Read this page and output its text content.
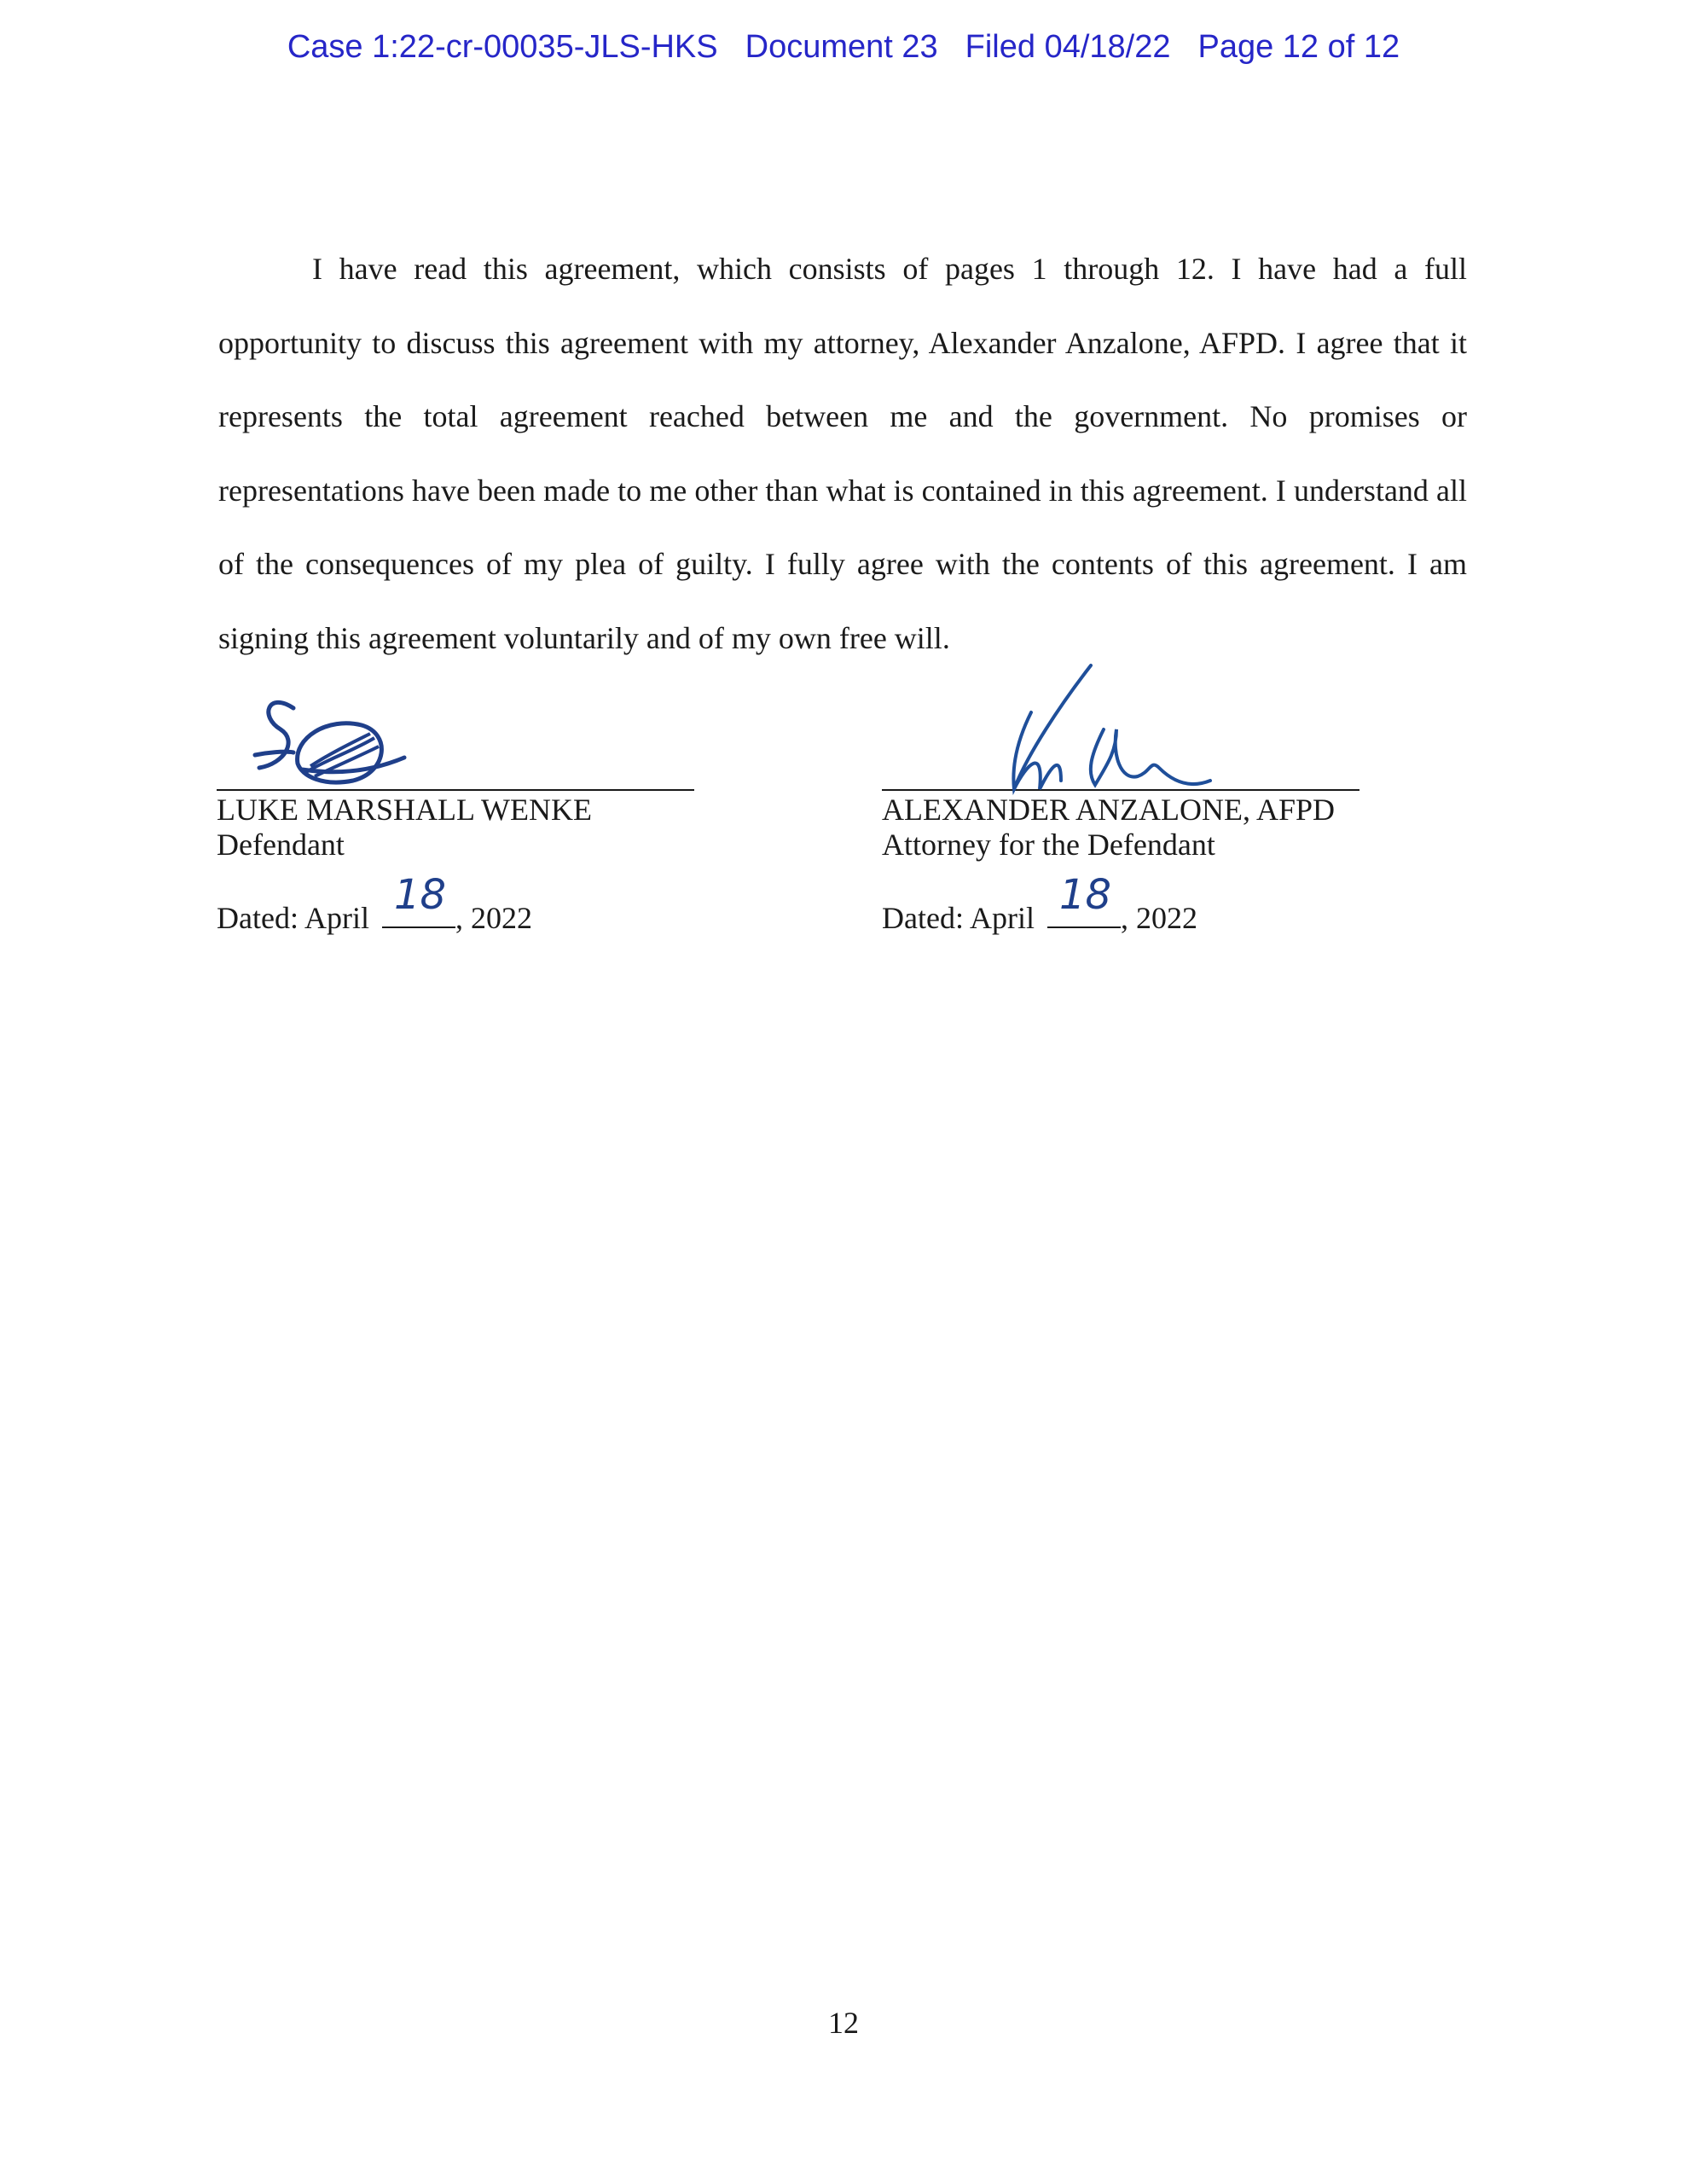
Case 1:22-cr-00035-JLS-HKS Document 23 Filed 04/18/22 Page 12 of 12
I have read this agreement, which consists of pages 1 through 12. I have had a full opportunity to discuss this agreement with my attorney, Alexander Anzalone, AFPD. I agree that it represents the total agreement reached between me and the government. No promises or representations have been made to me other than what is contained in this agreement. I understand all of the consequences of my plea of guilty. I fully agree with the contents of this agreement. I am signing this agreement voluntarily and of my own free will.
LUKE MARSHALL WENKE
Defendant
Dated: April 18 , 2022
ALEXANDER ANZALONE, AFPD
Attorney for the Defendant
Dated: April 18 , 2022
12
